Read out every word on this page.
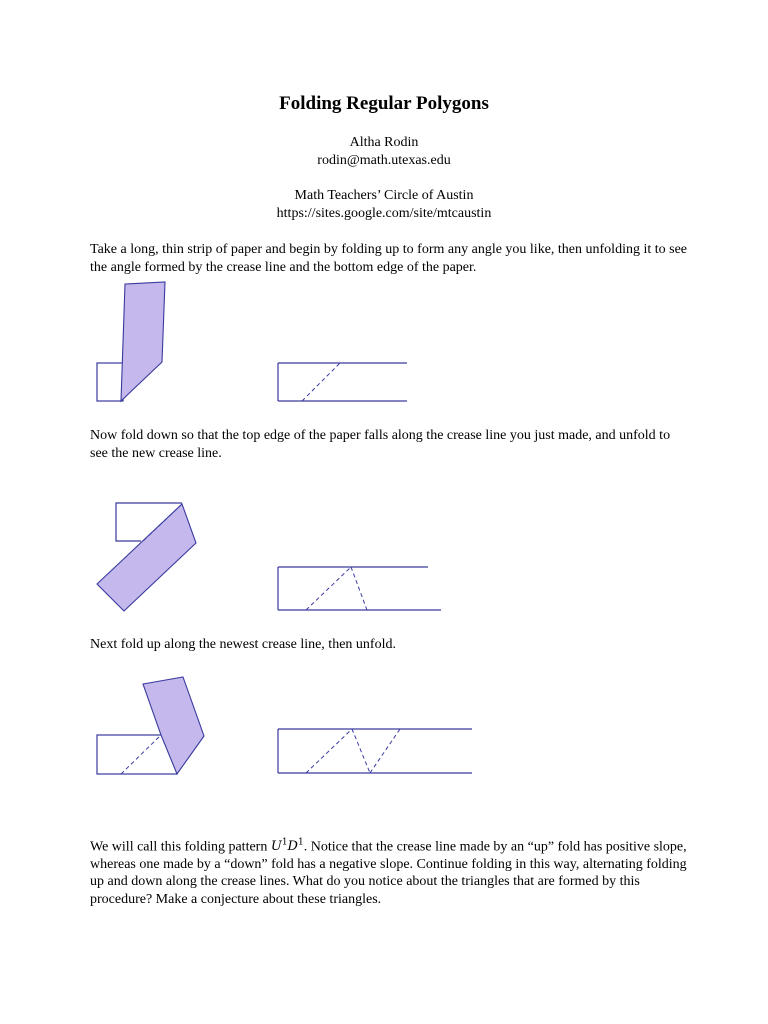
Folding Regular Polygons
Altha Rodin
rodin@math.utexas.edu
Math Teachers’ Circle of Austin
https://sites.google.com/site/mtcaustin

Take a long, thin strip of paper and begin by folding up to form any angle you like, then unfolding it to see the angle formed by the crease line and the bottom edge of the paper.

Now fold down so that the top edge of the paper falls along the crease line you just made, and unfold to see the new crease line.

Next fold up along the newest crease line, then unfold.

We will call this folding pattern $U^1D^1$. Notice that the crease line made by an “up” fold has positive slope, whereas one made by a “down” fold has a negative slope. Continue folding in this way, alternating folding up and down along the crease lines. What do you notice about the triangles that are formed by this procedure? Make a conjecture about these triangles.
